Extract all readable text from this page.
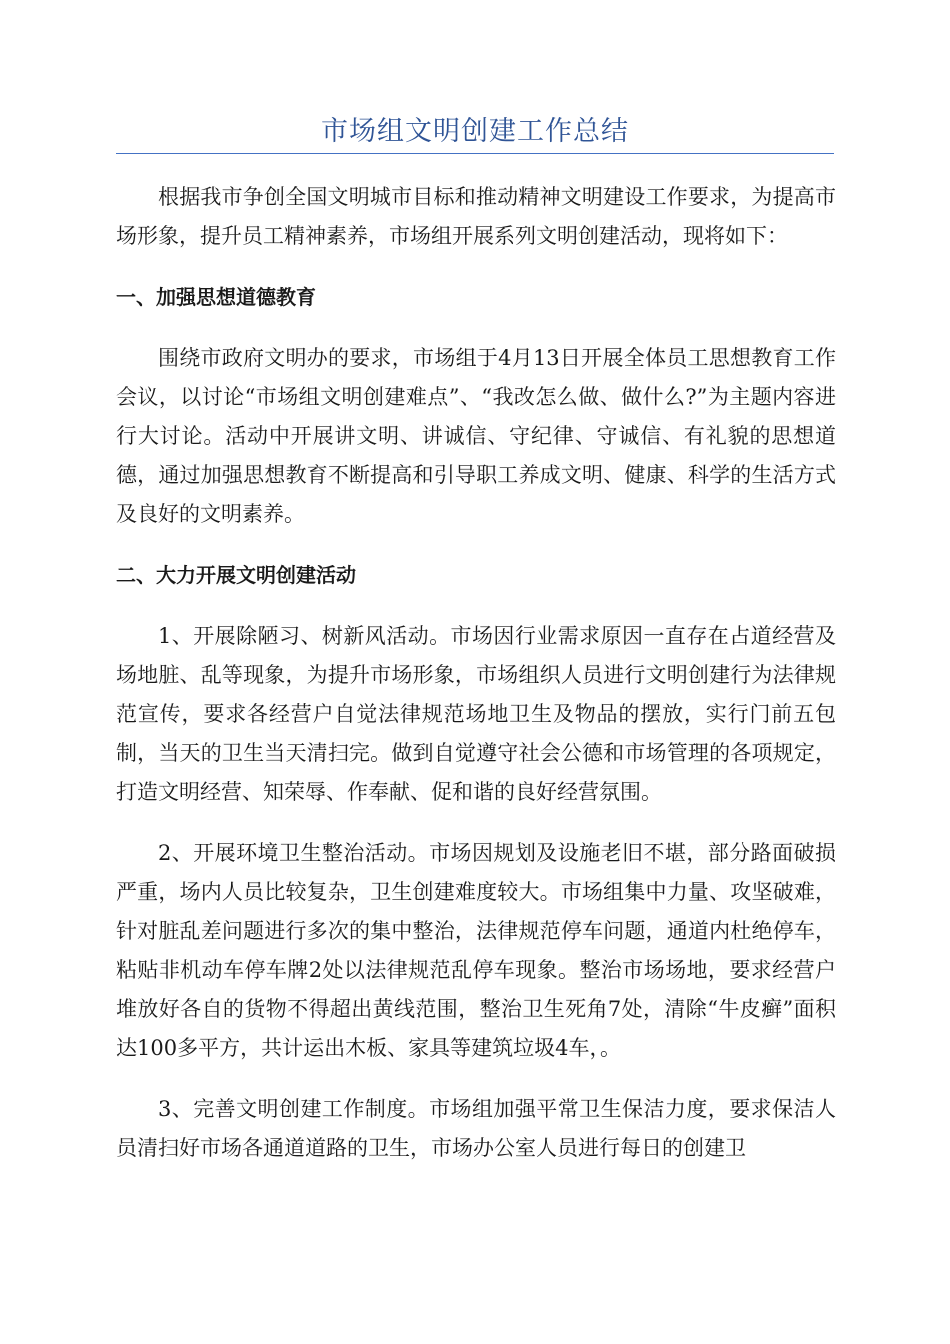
市场组文明创建工作总结

根据我市争创全国文明城市目标和推动精神文明建设工作要求，为提高市场形象，提升员工精神素养，市场组开展系列文明创建活动，现将如下：

一、加强思想道德教育

围绕市政府文明办的要求，市场组于4月13日开展全体员工思想教育工作会议，以讨论“市场组文明创建难点”、“我改怎么做、做什么?”为主题内容进行大讨论。活动中开展讲文明、讲诚信、守纪律、守诚信、有礼貌的思想道德，通过加强思想教育不断提高和引导职工养成文明、健康、科学的生活方式及良好的文明素养。

二、大力开展文明创建活动

1、开展除陋习、树新风活动。市场因行业需求原因一直存在占道经营及场地脏、乱等现象，为提升市场形象，市场组织人员进行文明创建行为法律规范宣传，要求各经营户自觉法律规范场地卫生及物品的摆放，实行门前五包制，当天的卫生当天清扫完。做到自觉遵守社会公德和市场管理的各项规定，打造文明经营、知荣辱、作奉献、促和谐的良好经营氛围。

2、开展环境卫生整治活动。市场因规划及设施老旧不堪，部分路面破损严重，场内人员比较复杂，卫生创建难度较大。市场组集中力量、攻坚破难，针对脏乱差问题进行多次的集中整治，法律规范停车问题，通道内杜绝停车，粘贴非机动车停车牌2处以法律规范乱停车现象。整治市场场地，要求经营户堆放好各自的货物不得超出黄线范围，整治卫生死角7处，清除“牛皮癣”面积达100多平方，共计运出木板、家具等建筑垃圾4车，。

3、完善文明创建工作制度。市场组加强平常卫生保洁力度，要求保洁人员清扫好市场各通道道路的卫生，市场办公室人员进行每日的创建卫
